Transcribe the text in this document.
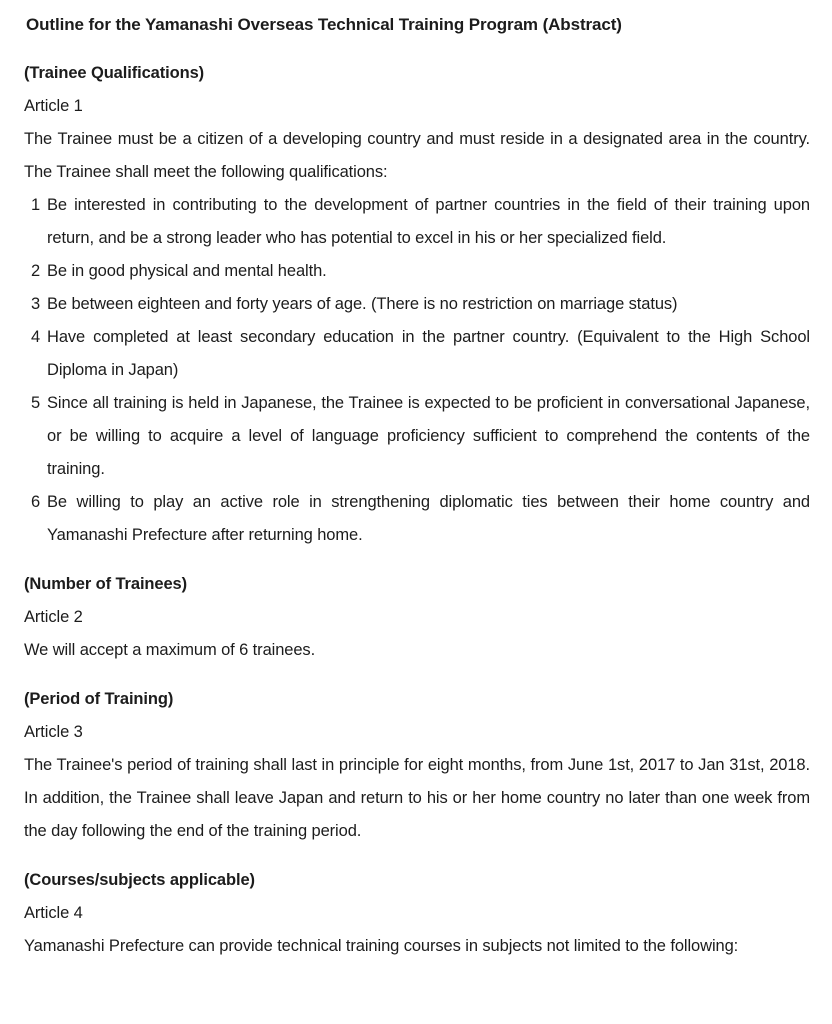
Outline for the Yamanashi Overseas Technical Training Program (Abstract)
(Trainee Qualifications)

Article 1

The Trainee must be a citizen of a developing country and must reside in a designated area in the country. The Trainee shall meet the following qualifications:

1 Be interested in contributing to the development of partner countries in the field of their training upon return, and be a strong leader who has potential to excel in his or her specialized field.
2 Be in good physical and mental health.
3 Be between eighteen and forty years of age. (There is no restriction on marriage status)
4 Have completed at least secondary education in the partner country. (Equivalent to the High School Diploma in Japan)
5 Since all training is held in Japanese, the Trainee is expected to be proficient in conversational Japanese, or be willing to acquire a level of language proficiency sufficient to comprehend the contents of the training.
6 Be willing to play an active role in strengthening diplomatic ties between their home country and Yamanashi Prefecture after returning home.
(Number of Trainees)

Article 2

We will accept a maximum of 6 trainees.

(Period of Training)

Article 3

The Trainee's period of training shall last in principle for eight months, from June 1st, 2017 to Jan 31st, 2018. In addition, the Trainee shall leave Japan and return to his or her home country no later than one week from the day following the end of the training period.

(Courses/subjects applicable)

Article 4

Yamanashi Prefecture can provide technical training courses in subjects not limited to the following:
